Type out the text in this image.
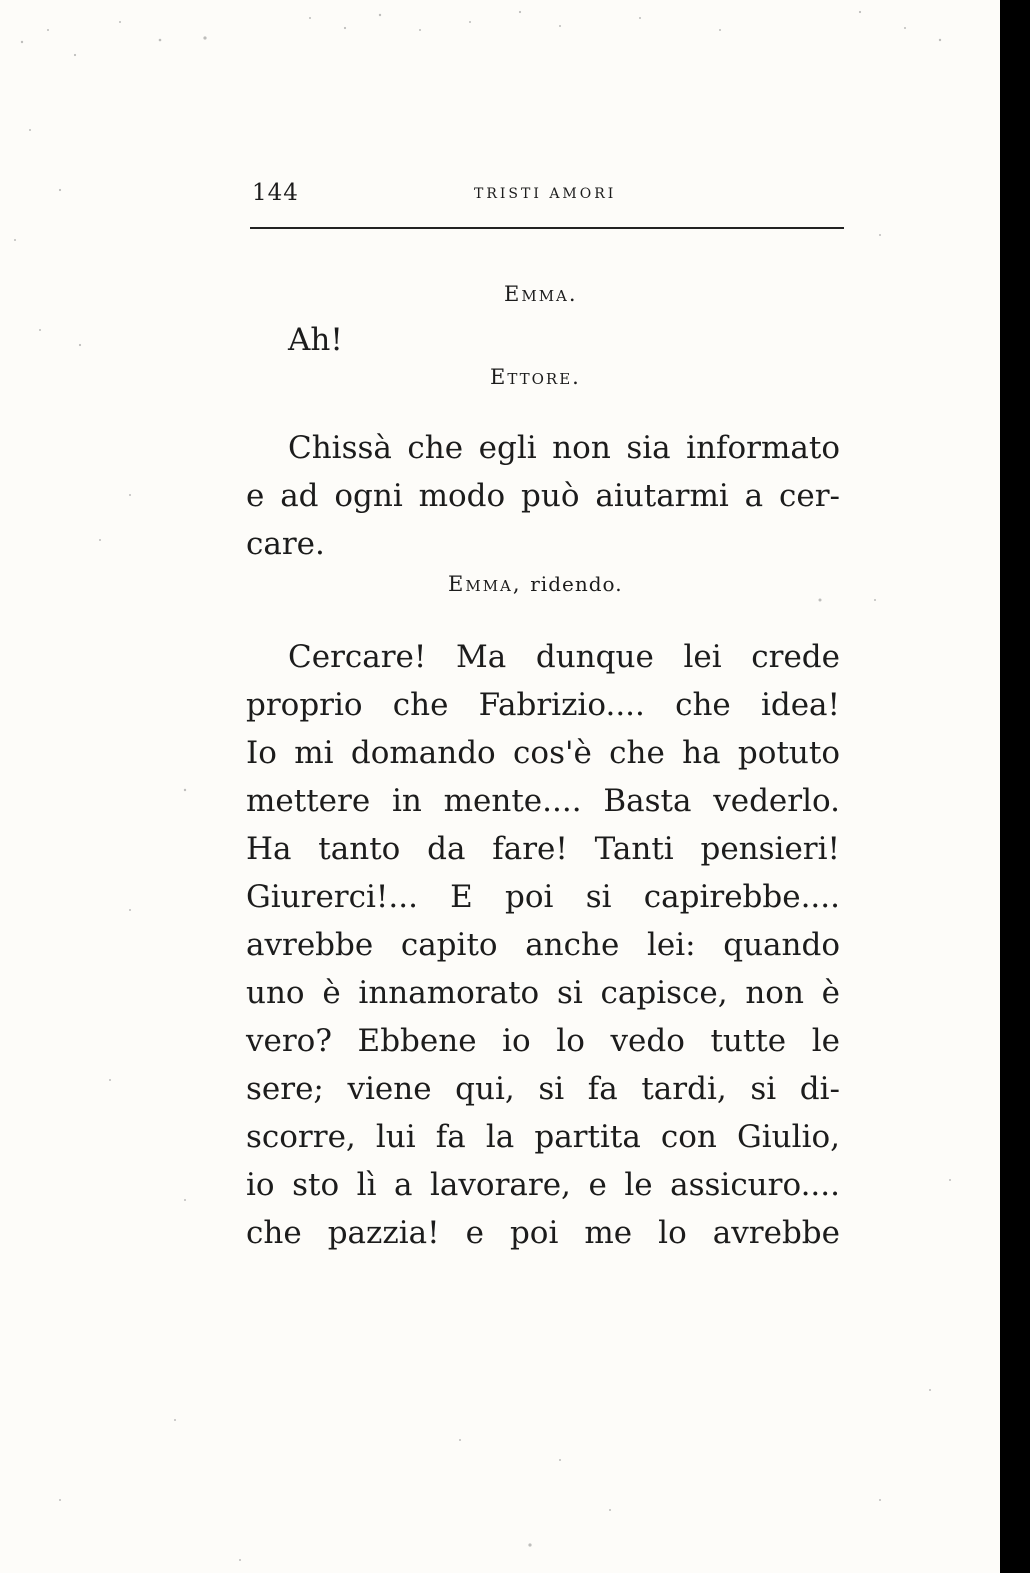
144	TRISTI AMORI
Emma.
Ah!
Ettore.
Chissà che egli non sia informato
e ad ogni modo può aiutarmi a cer-
care.
Emma, ridendo.
Cercare! Ma dunque lei crede
proprio che Fabrizio.... che idea!
Io mi domando cos'è che ha potuto
mettere in mente.... Basta vederlo.
Ha tanto da fare! Tanti pensieri!
Giurerci!... E poi si capirebbe....
avrebbe capito anche lei: quando
uno è innamorato si capisce, non è
vero? Ebbene io lo vedo tutte le
sere; viene qui, si fa tardi, si di-
scorre, lui fa la partita con Giulio,
io sto lì a lavorare, e le assicuro....
che pazzia! e poi me lo avrebbe
